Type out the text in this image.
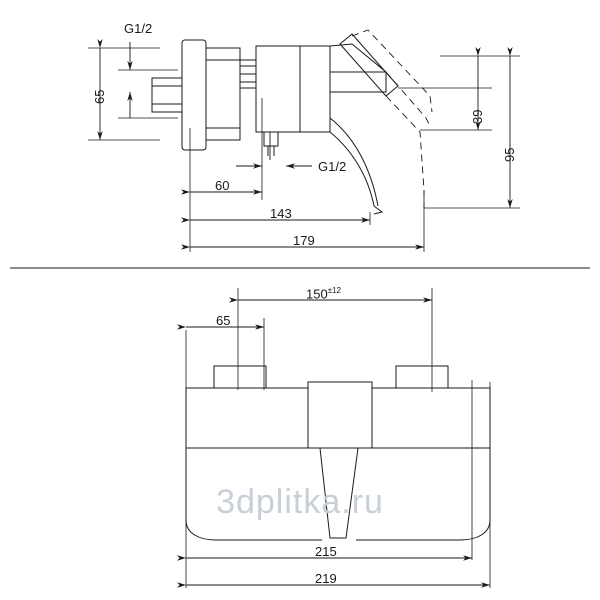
G1/2
65
39
95
G1/2
60
143
179
$150^{\pm 12}$
65
215
219
3dplitka.ru
